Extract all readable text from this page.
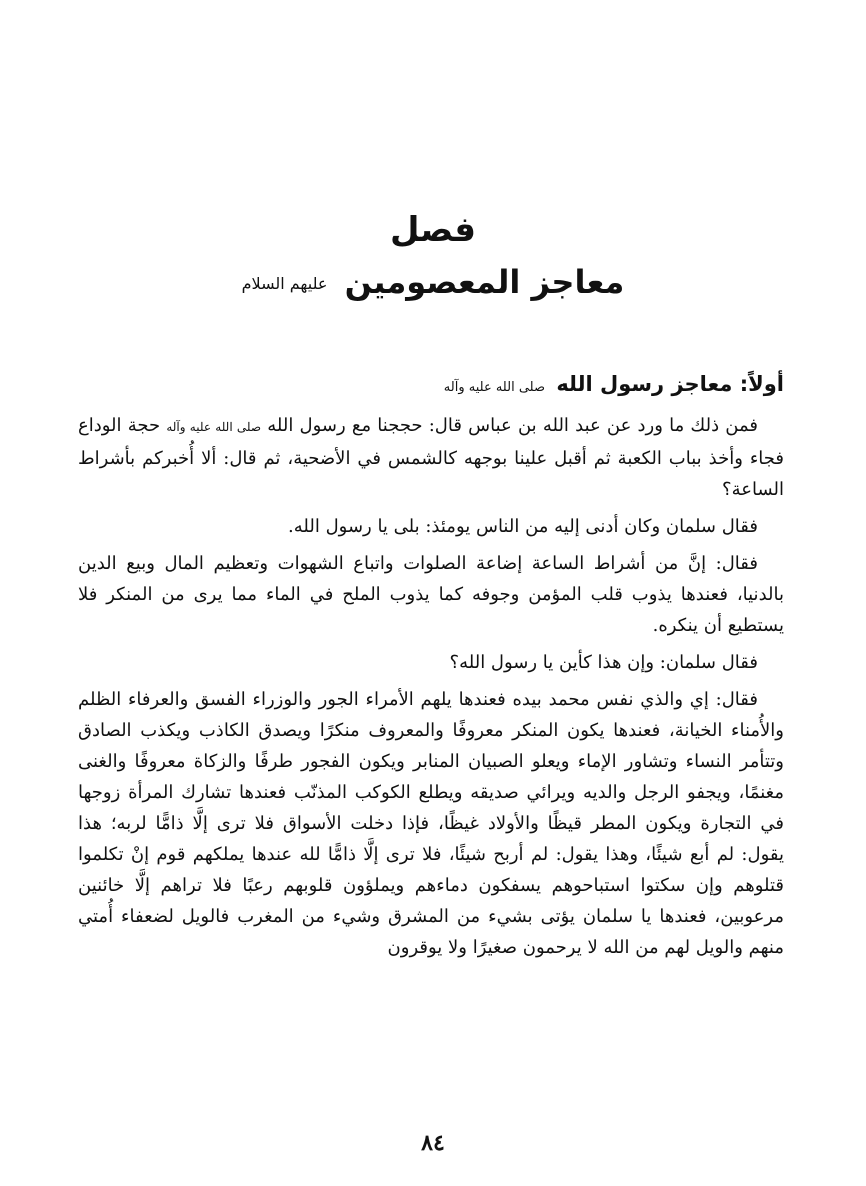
فصل
معاجز المعصومين عليهم السلام
أولاً: معاجز رسول الله صلى الله عليه وآله

فمن ذلك ما ورد عن عبد الله بن عباس قال: حججنا مع رسول الله صلى الله عليه وآله حجة الوداع فجاء وأخذ بباب الكعبة ثم أقبل علينا بوجهه كالشمس في الأضحية، ثم قال: ألا أُخبركم بأشراط الساعة؟

فقال سلمان وكان أدنى إليه من الناس يومئذ: بلى يا رسول الله.

فقال: إنَّ من أشراط الساعة إضاعة الصلوات واتباع الشهوات وتعظيم المال وبيع الدين بالدنيا، فعندها يذوب قلب المؤمن وجوفه كما يذوب الملح في الماء مما يرى من المنكر فلا يستطيع أن ينكره.

فقال سلمان: وإن هذا كأين يا رسول الله؟

فقال: إي والذي نفس محمد بيده فعندها يلهم الأمراء الجور والوزراء الفسق والعرفاء الظلم والأُمناء الخيانة، فعندها يكون المنكر معروفًا والمعروف منكرًا ويصدق الكاذب ويكذب الصادق وتتأمر النساء وتشاور الإماء ويعلو الصبيان المنابر ويكون الفجور طرفًا والزكاة معروفًا والغنى مغنمًا، ويجفو الرجل والديه ويرائي صديقه ويطلع الكوكب المذنّب فعندها تشارك المرأة زوجها في التجارة ويكون المطر قيظًا والأولاد غيظًا، فإذا دخلت الأسواق فلا ترى إلَّا ذامًّا لربه؛ هذا يقول: لم أبع شيئًا، وهذا يقول: لم أربح شيئًا، فلا ترى إلَّا ذامًّا لله عندها يملكهم قوم إنْ تكلموا قتلوهم وإن سكتوا استباحوهم يسفكون دماءهم ويملؤون قلوبهم رعبًا فلا تراهم إلَّا خائنين مرعوبين، فعندها يا سلمان يؤتى بشيء من المشرق وشيء من المغرب فالويل لضعفاء أُمتي منهم والويل لهم من الله لا يرحمون صغيرًا ولا يوقرون

٨٤
